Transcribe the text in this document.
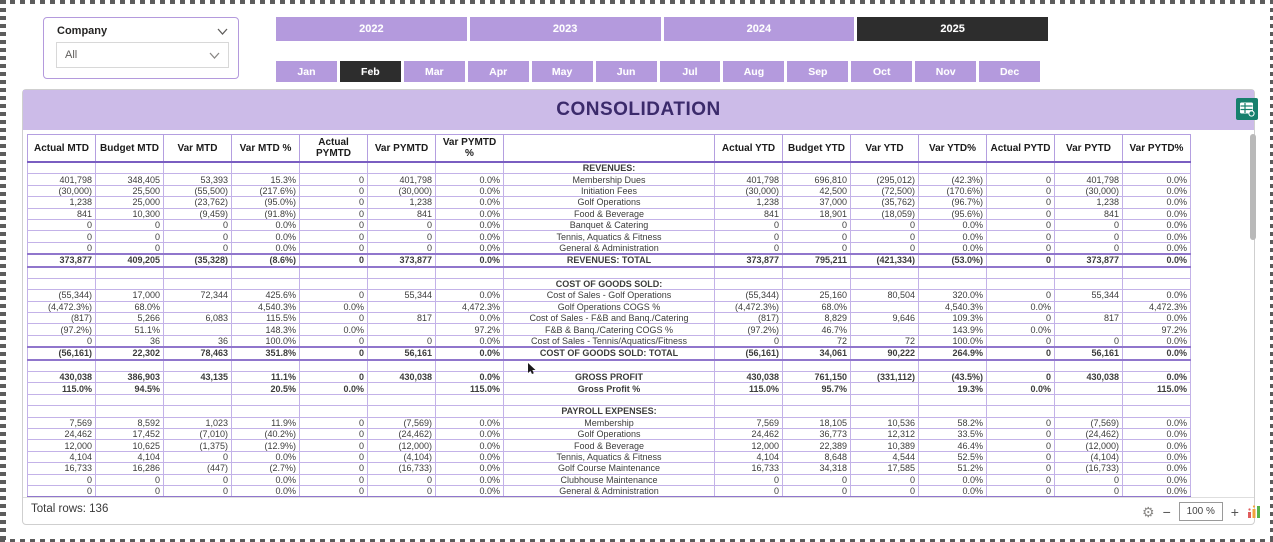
Company
All
2022	2023	2024	2025
Jan	Feb	Mar	Apr	May	Jun	Jul	Aug	Sep	Oct	Nov	Dec
CONSOLIDATION
Actual MTD	Budget MTD	Var MTD	Var MTD %	Actual PYMTD	Var PYMTD	Var PYMTD %		Actual YTD	Budget YTD	Var YTD	Var YTD%	Actual PYTD	Var PYTD	Var PYTD%
							REVENUES:							
401,798	348,405	53,393	15.3%	0	401,798	0.0%	Membership Dues	401,798	696,810	(295,012)	(42.3%)	0	401,798	0.0%
(30,000)	25,500	(55,500)	(217.6%)	0	(30,000)	0.0%	Initiation Fees	(30,000)	42,500	(72,500)	(170.6%)	0	(30,000)	0.0%
1,238	25,000	(23,762)	(95.0%)	0	1,238	0.0%	Golf Operations	1,238	37,000	(35,762)	(96.7%)	0	1,238	0.0%
841	10,300	(9,459)	(91.8%)	0	841	0.0%	Food & Beverage	841	18,901	(18,059)	(95.6%)	0	841	0.0%
0	0	0	0.0%	0	0	0.0%	Banquet & Catering	0	0	0	0.0%	0	0	0.0%
0	0	0	0.0%	0	0	0.0%	Tennis, Aquatics & Fitness	0	0	0	0.0%	0	0	0.0%
0	0	0	0.0%	0	0	0.0%	General & Administration	0	0	0	0.0%	0	0	0.0%
373,877	409,205	(35,328)	(8.6%)	0	373,877	0.0%	REVENUES: TOTAL	373,877	795,211	(421,334)	(53.0%)	0	373,877	0.0%

							COST OF GOODS SOLD:							
(55,344)	17,000	72,344	425.6%	0	55,344	0.0%	Cost of Sales - Golf Operations	(55,344)	25,160	80,504	320.0%	0	55,344	0.0%
(4,472.3%)	68.0%		4,540.3%	0.0%		4,472.3%	Golf Operations COGS %	(4,472.3%)	68.0%		4,540.3%	0.0%		4,472.3%
(817)	5,266	6,083	115.5%	0	817	0.0%	Cost of Sales - F&B and Banq./Catering	(817)	8,829	9,646	109.3%	0	817	0.0%
(97.2%)	51.1%		148.3%	0.0%		97.2%	F&B & Banq./Catering COGS %	(97.2%)	46.7%		143.9%	0.0%		97.2%
0	36	36	100.0%	0	0	0.0%	Cost of Sales - Tennis/Aquatics/Fitness	0	72	72	100.0%	0	0	0.0%
(56,161)	22,302	78,463	351.8%	0	56,161	0.0%	COST OF GOODS SOLD: TOTAL	(56,161)	34,061	90,222	264.9%	0	56,161	0.0%

430,038	386,903	43,135	11.1%	0	430,038	0.0%	GROSS PROFIT	430,038	761,150	(331,112)	(43.5%)	0	430,038	0.0%
115.0%	94.5%		20.5%	0.0%		115.0%	Gross Profit %	115.0%	95.7%		19.3%	0.0%		115.0%

							PAYROLL EXPENSES:							
7,569	8,592	1,023	11.9%	0	(7,569)	0.0%	Membership	7,569	18,105	10,536	58.2%	0	(7,569)	0.0%
24,462	17,452	(7,010)	(40.2%)	0	(24,462)	0.0%	Golf Operations	24,462	36,773	12,312	33.5%	0	(24,462)	0.0%
12,000	10,625	(1,375)	(12.9%)	0	(12,000)	0.0%	Food & Beverage	12,000	22,389	10,389	46.4%	0	(12,000)	0.0%
4,104	4,104	0	0.0%	0	(4,104)	0.0%	Tennis, Aquatics & Fitness	4,104	8,648	4,544	52.5%	0	(4,104)	0.0%
16,733	16,286	(447)	(2.7%)	0	(16,733)	0.0%	Golf Course Maintenance	16,733	34,318	17,585	51.2%	0	(16,733)	0.0%
0	0	0	0.0%	0	0	0.0%	Clubhouse Maintenance	0	0	0	0.0%	0	0	0.0%
0	0	0	0.0%	0	0	0.0%	General & Administration	0	0	0	0.0%	0	0	0.0%

Total rows: 136	⚙ − 100 % +
